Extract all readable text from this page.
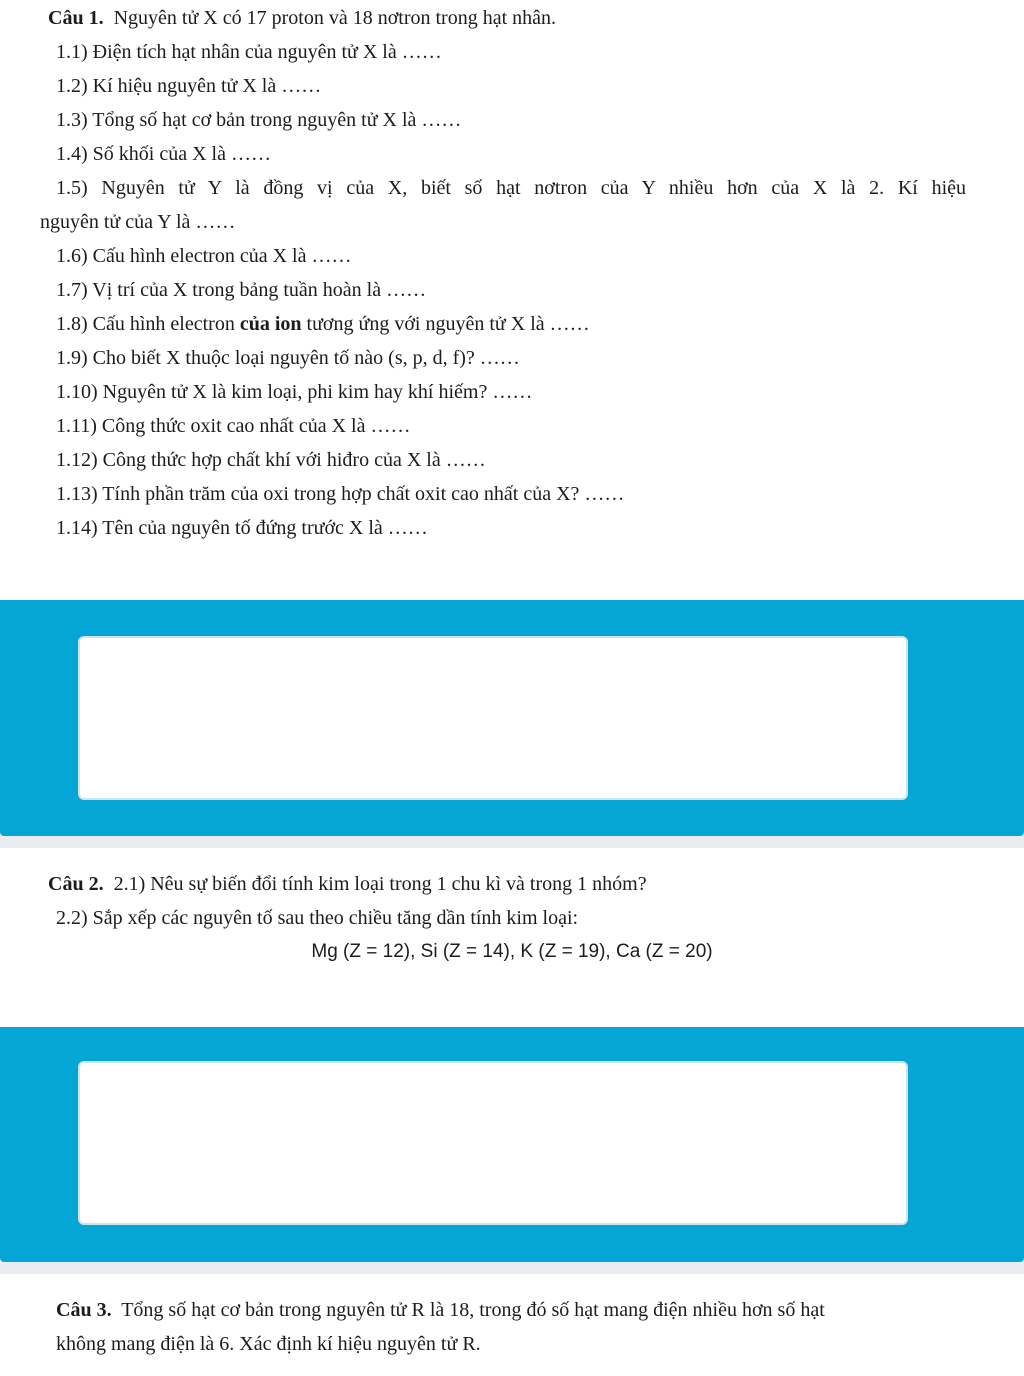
Câu 1. Nguyên tử X có 17 proton và 18 nơtron trong hạt nhân.
1.1) Điện tích hạt nhân của nguyên tử X là ……
1.2) Kí hiệu nguyên tử X là ……
1.3) Tổng số hạt cơ bản trong nguyên tử X là ……
1.4) Số khối của X là ……
1.5) Nguyên tử Y là đồng vị của X, biết số hạt nơtron của Y nhiều hơn của X là 2. Kí hiệu
nguyên tử của Y là ……
1.6) Cấu hình electron của X là ……
1.7) Vị trí của X trong bảng tuần hoàn là ……
1.8) Cấu hình electron của ion tương ứng với nguyên tử X là ……
1.9) Cho biết X thuộc loại nguyên tố nào (s, p, d, f)? ……
1.10) Nguyên tử X là kim loại, phi kim hay khí hiếm? ……
1.11) Công thức oxit cao nhất của X là ……
1.12) Công thức hợp chất khí với hiđro của X là ……
1.13) Tính phần trăm của oxi trong hợp chất oxit cao nhất của X? ……
1.14) Tên của nguyên tố đứng trước X là ……
Câu 2. 2.1) Nêu sự biến đổi tính kim loại trong 1 chu kì và trong 1 nhóm?
2.2) Sắp xếp các nguyên tố sau theo chiều tăng dần tính kim loại:
Mg (Z = 12), Si (Z = 14), K (Z = 19), Ca (Z = 20)
Câu 3. Tổng số hạt cơ bản trong nguyên tử R là 18, trong đó số hạt mang điện nhiều hơn số hạt
không mang điện là 6. Xác định kí hiệu nguyên tử R.
